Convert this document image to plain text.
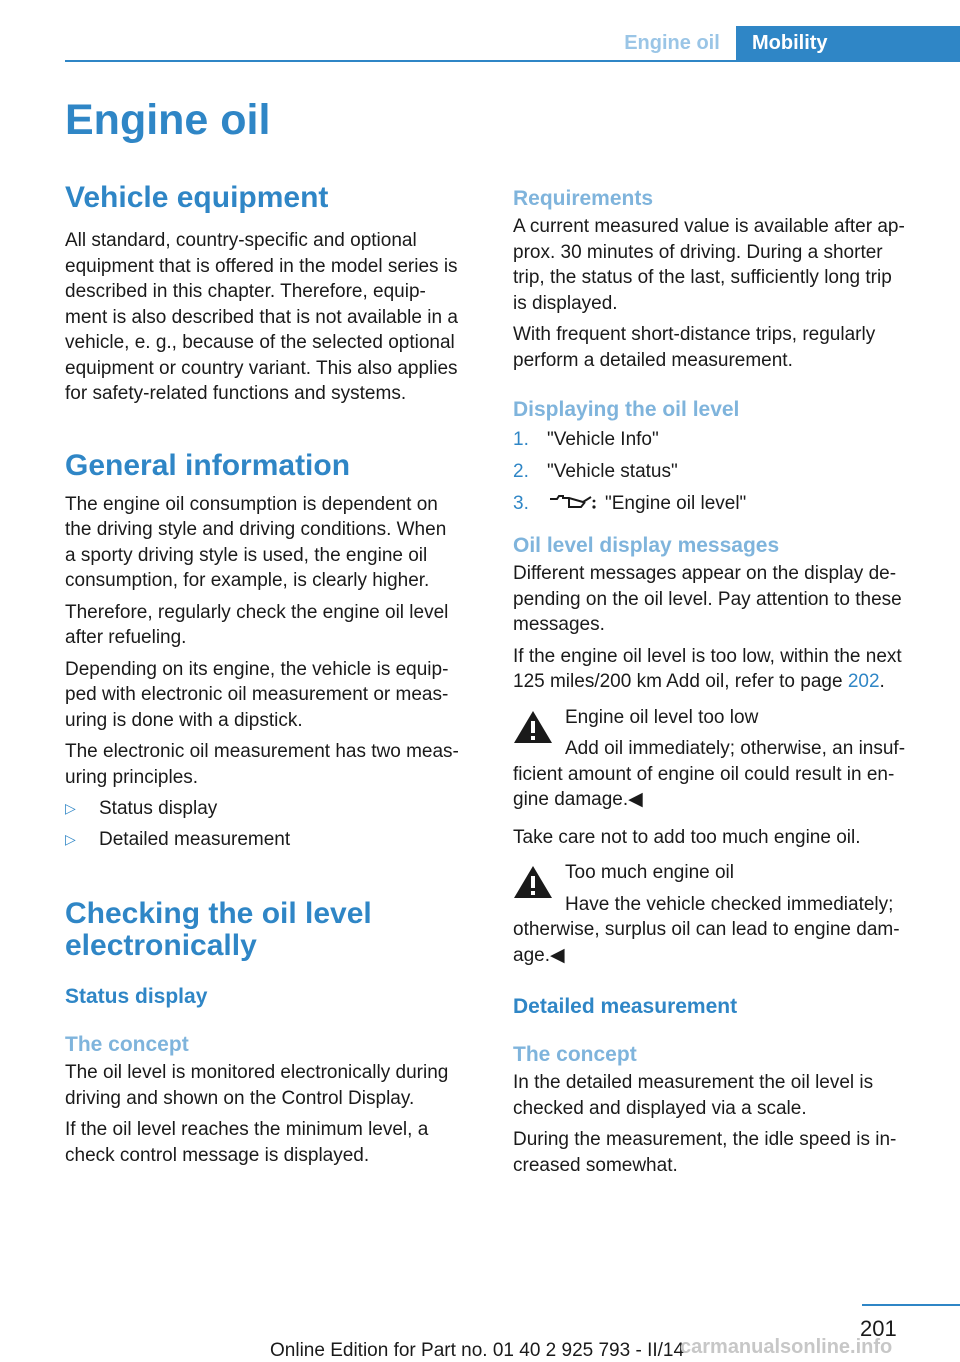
Engine oil	Mobility
Engine oil
Vehicle equipment

All standard, country-specific and optional
equipment that is offered in the model series is
described in this chapter. Therefore, equip‐
ment is also described that is not available in a
vehicle, e. g., because of the selected optional
equipment or country variant. This also applies
for safety-related functions and systems.

General information

The engine oil consumption is dependent on
the driving style and driving conditions. When
a sporty driving style is used, the engine oil
consumption, for example, is clearly higher.

Therefore, regularly check the engine oil level
after refueling.

Depending on its engine, the vehicle is equip‐
ped with electronic oil measurement or meas‐
uring is done with a dipstick.

The electronic oil measurement has two meas‐
uring principles.

▷ Status display
▷ Detailed measurement
Checking the oil level
electronically
Status display
The concept

The oil level is monitored electronically during
driving and shown on the Control Display.

If the oil level reaches the minimum level, a
check control message is displayed.

Requirements

A current measured value is available after ap‐
prox. 30 minutes of driving. During a shorter
trip, the status of the last, sufficiently long trip
is displayed.

With frequent short-distance trips, regularly
perform a detailed measurement.

Displaying the oil level
1. "Vehicle Info"
2. "Vehicle status"
3.	"Engine oil level"
Oil level display messages

Different messages appear on the display de‐
pending on the oil level. Pay attention to these
messages.

If the engine oil level is too low, within the next
125 miles/200 km Add oil, refer to page 202.

Engine oil level too low

Add oil immediately; otherwise, an insuf‐
ficient amount of engine oil could result in en‐
gine damage.◀

Take care not to add too much engine oil.

Too much engine oil

Have the vehicle checked immediately;
otherwise, surplus oil can lead to engine dam‐
age.◀

Detailed measurement
The concept

In the detailed measurement the oil level is
checked and displayed via a scale.

During the measurement, the idle speed is in‐
creased somewhat.

201
Online Edition for Part no. 01 40 2 925 793 - II/14
carmanualsonline.info
